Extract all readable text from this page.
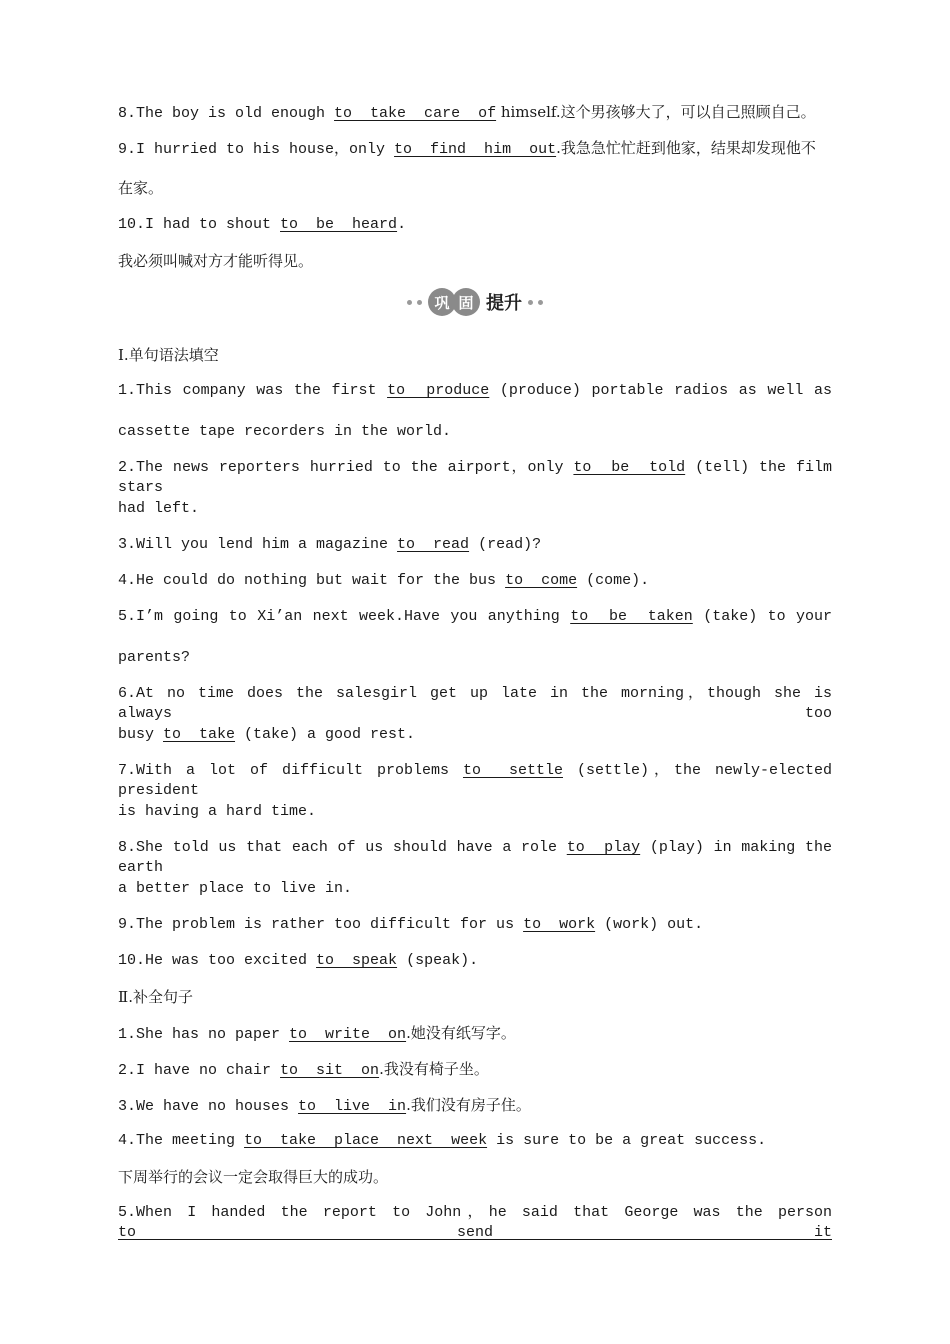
8.The boy is old enough to  take  care  of himself.这个男孩够大了，可以自己照顾自己。
9.I hurried to his house，only to  find  him  out.我急急忙忙赶到他家，结果却发现他不
在家。
10.I had to shout to  be  heard.
我必须叫喊对方才能听得见。
巩 固 提升
Ⅰ.单句语法填空
1.This company was the first to  produce (produce) portable radios as well as
cassette tape recorders in the world.
2.The news reporters hurried to the airport，only to  be  told (tell) the film stars
had left.
3.Will you lend him a magazine to  read (read)?
4.He could do nothing but wait for the bus to  come (come).
5.I’m going to Xi’an next week.Have you anything to  be  taken (take) to your
parents?
6.At no time does the salesgirl get up late in the morning，though she is always too
busy to  take (take) a good rest.
7.With a lot of difficult problems to  settle (settle)，the newly-elected president
is having a hard time.
8.She told us that each of us should have a role to  play (play) in making the earth
a better place to live in.
9.The problem is rather too difficult for us to  work (work) out.
10.He was too excited to  speak (speak).
Ⅱ.补全句子
1.She has no paper to  write  on.她没有纸写字。
2.I have no chair to  sit  on.我没有椅子坐。
3.We have no houses to  live  in.我们没有房子住。
4.The meeting to  take  place  next  week is sure to be a great success.
下周举行的会议一定会取得巨大的成功。
5.When I handed the report to John，he said that George was the person to  send  it
